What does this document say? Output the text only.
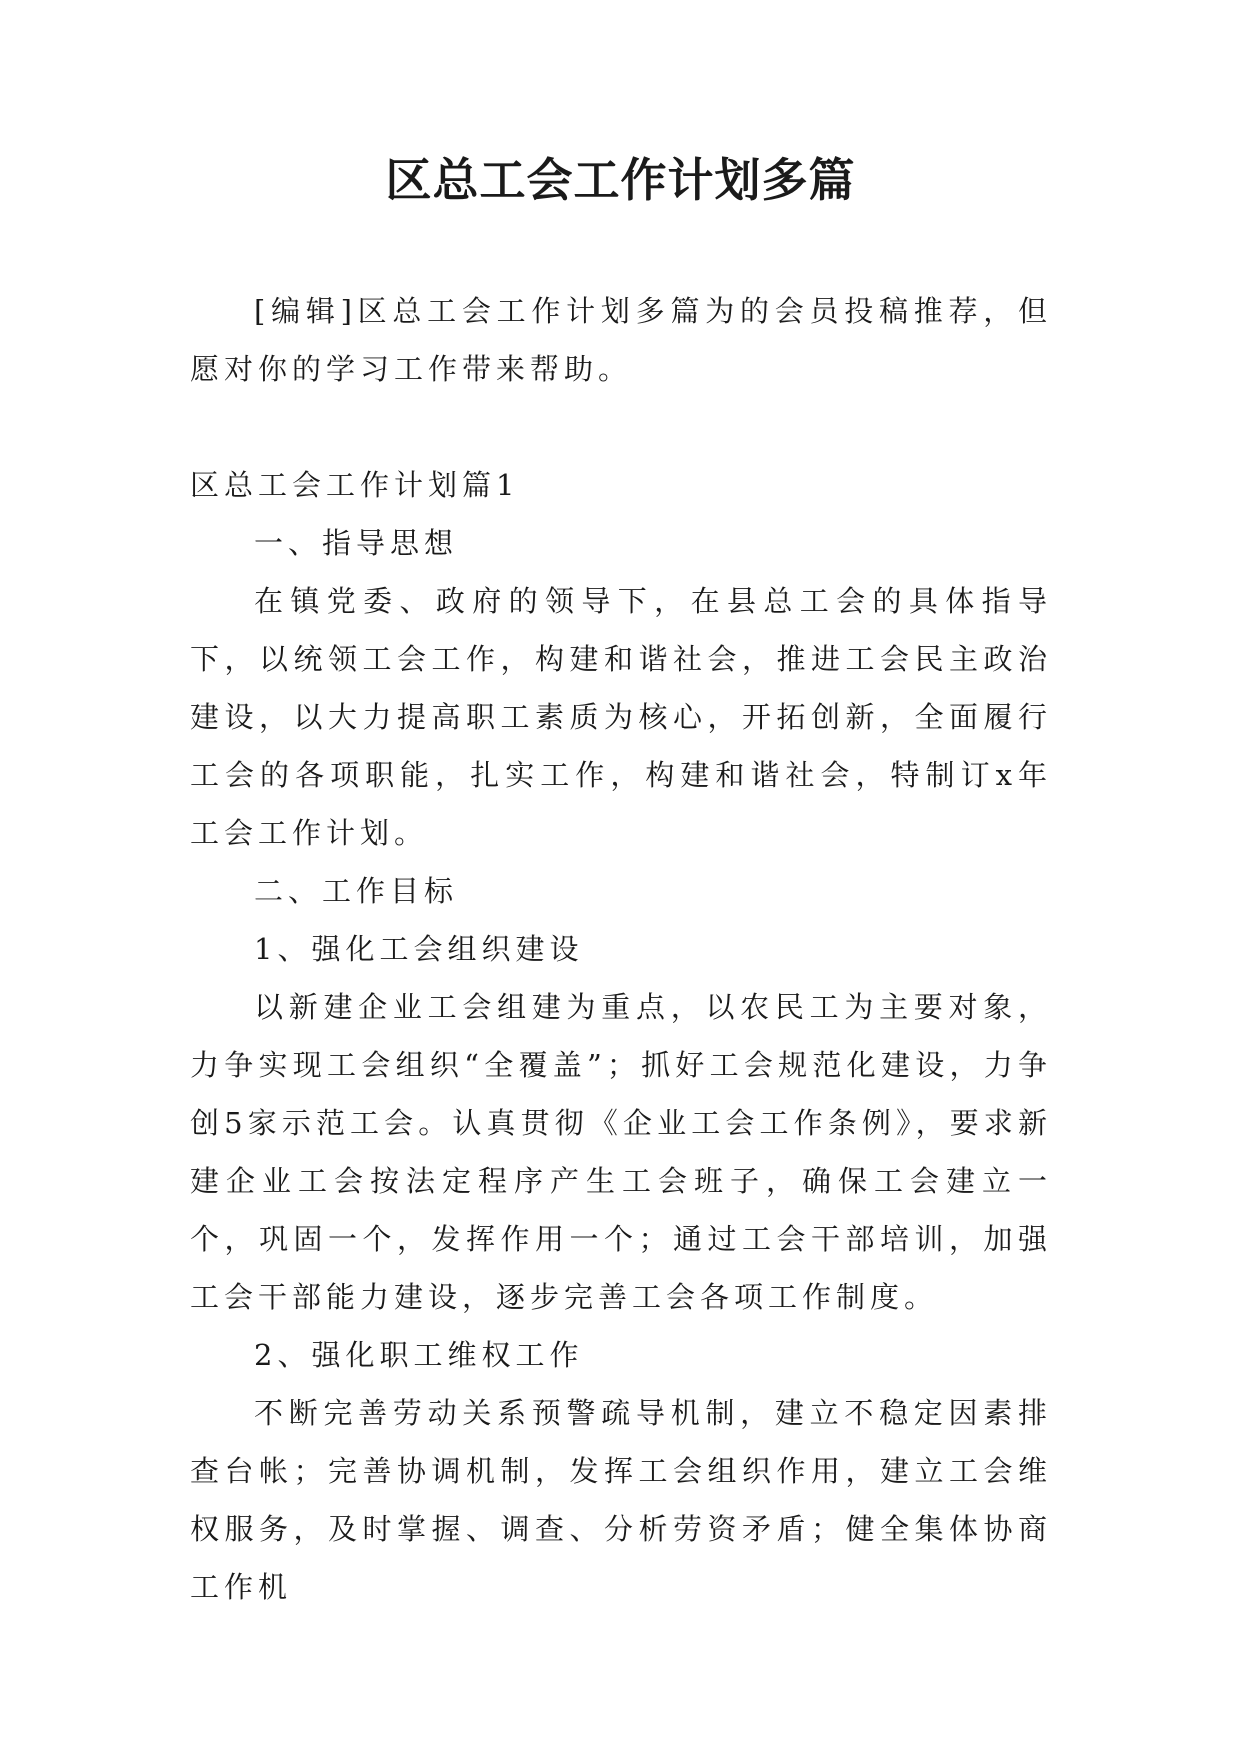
区总工会工作计划多篇

[编辑]区总工会工作计划多篇为的会员投稿推荐，但愿对你的学习工作带来帮助。

区总工会工作计划篇1

一、指导思想

在镇党委、政府的领导下，在县总工会的具体指导下，以统领工会工作，构建和谐社会，推进工会民主政治建设，以大力提高职工素质为核心，开拓创新，全面履行工会的各项职能，扎实工作，构建和谐社会，特制订x年工会工作计划。

二、工作目标

1、强化工会组织建设

以新建企业工会组建为重点，以农民工为主要对象，力争实现工会组织“全覆盖”；抓好工会规范化建设，力争创5家示范工会。认真贯彻《企业工会工作条例》，要求新建企业工会按法定程序产生工会班子，确保工会建立一个，巩固一个，发挥作用一个；通过工会干部培训，加强工会干部能力建设，逐步完善工会各项工作制度。

2、强化职工维权工作

不断完善劳动关系预警疏导机制，建立不稳定因素排查台帐；完善协调机制，发挥工会组织作用，建立工会维权服务，及时掌握、调查、分析劳资矛盾；健全集体协商工作机
